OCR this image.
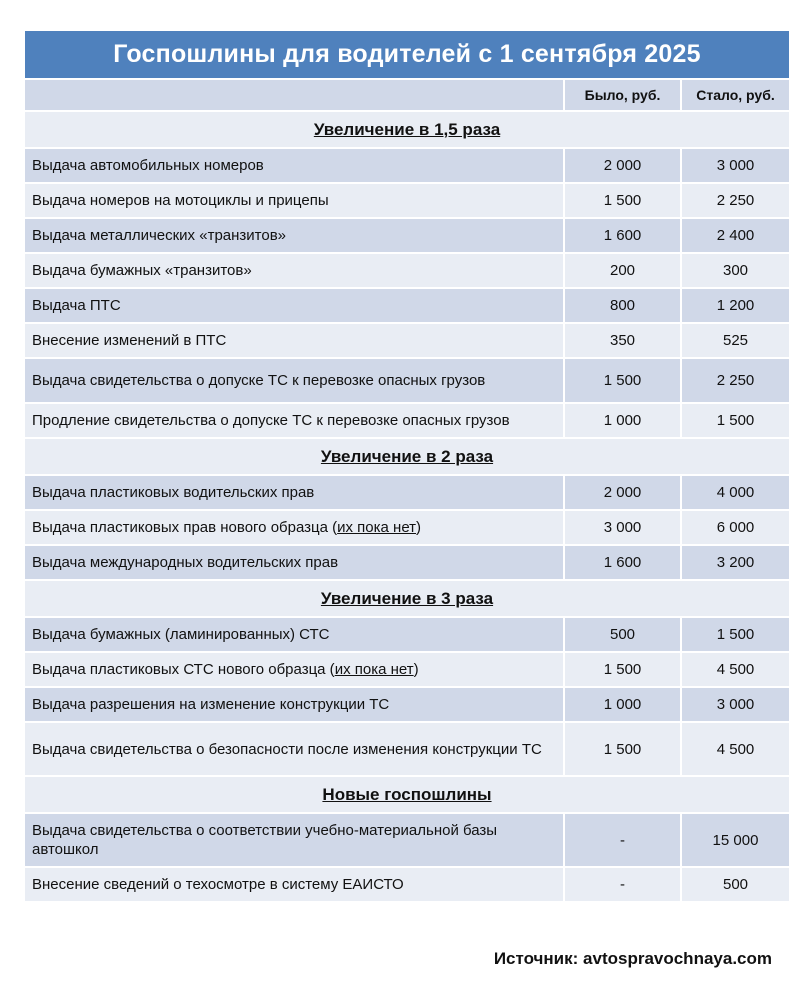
Госпошлины для водителей с 1 сентября 2025
	Было, руб.	Стало, руб.
Увеличение в 1,5 раза		
Выдача автомобильных номеров	2 000	3 000
Выдача номеров на мотоциклы и прицепы	1 500	2 250
Выдача металлических «транзитов»	1 600	2 400
Выдача бумажных «транзитов»	200	300
Выдача ПТС	800	1 200
Внесение изменений в ПТС	350	525
Выдача свидетельства о допуске ТС к перевозке опасных грузов	1 500	2 250
Продление свидетельства о допуске ТС к перевозке опасных грузов	1 000	1 500
Увеличение в 2 раза		
Выдача пластиковых водительских прав	2 000	4 000
Выдача пластиковых прав нового образца (их пока нет)	3 000	6 000
Выдача международных водительских прав	1 600	3 200
Увеличение в 3 раза		
Выдача бумажных (ламинированных) СТС	500	1 500
Выдача пластиковых СТС нового образца (их пока нет)	1 500	4 500
Выдача разрешения на изменение конструкции ТС	1 000	3 000
Выдача свидетельства о безопасности после изменения конструкции ТС	1 500	4 500
Новые госпошлины		
Выдача свидетельства о соответствии учебно-материальной базы автошкол	-	15 000
Внесение сведений о техосмотре в систему ЕАИСТО	-	500
Источник: avtospravochnaya.com
